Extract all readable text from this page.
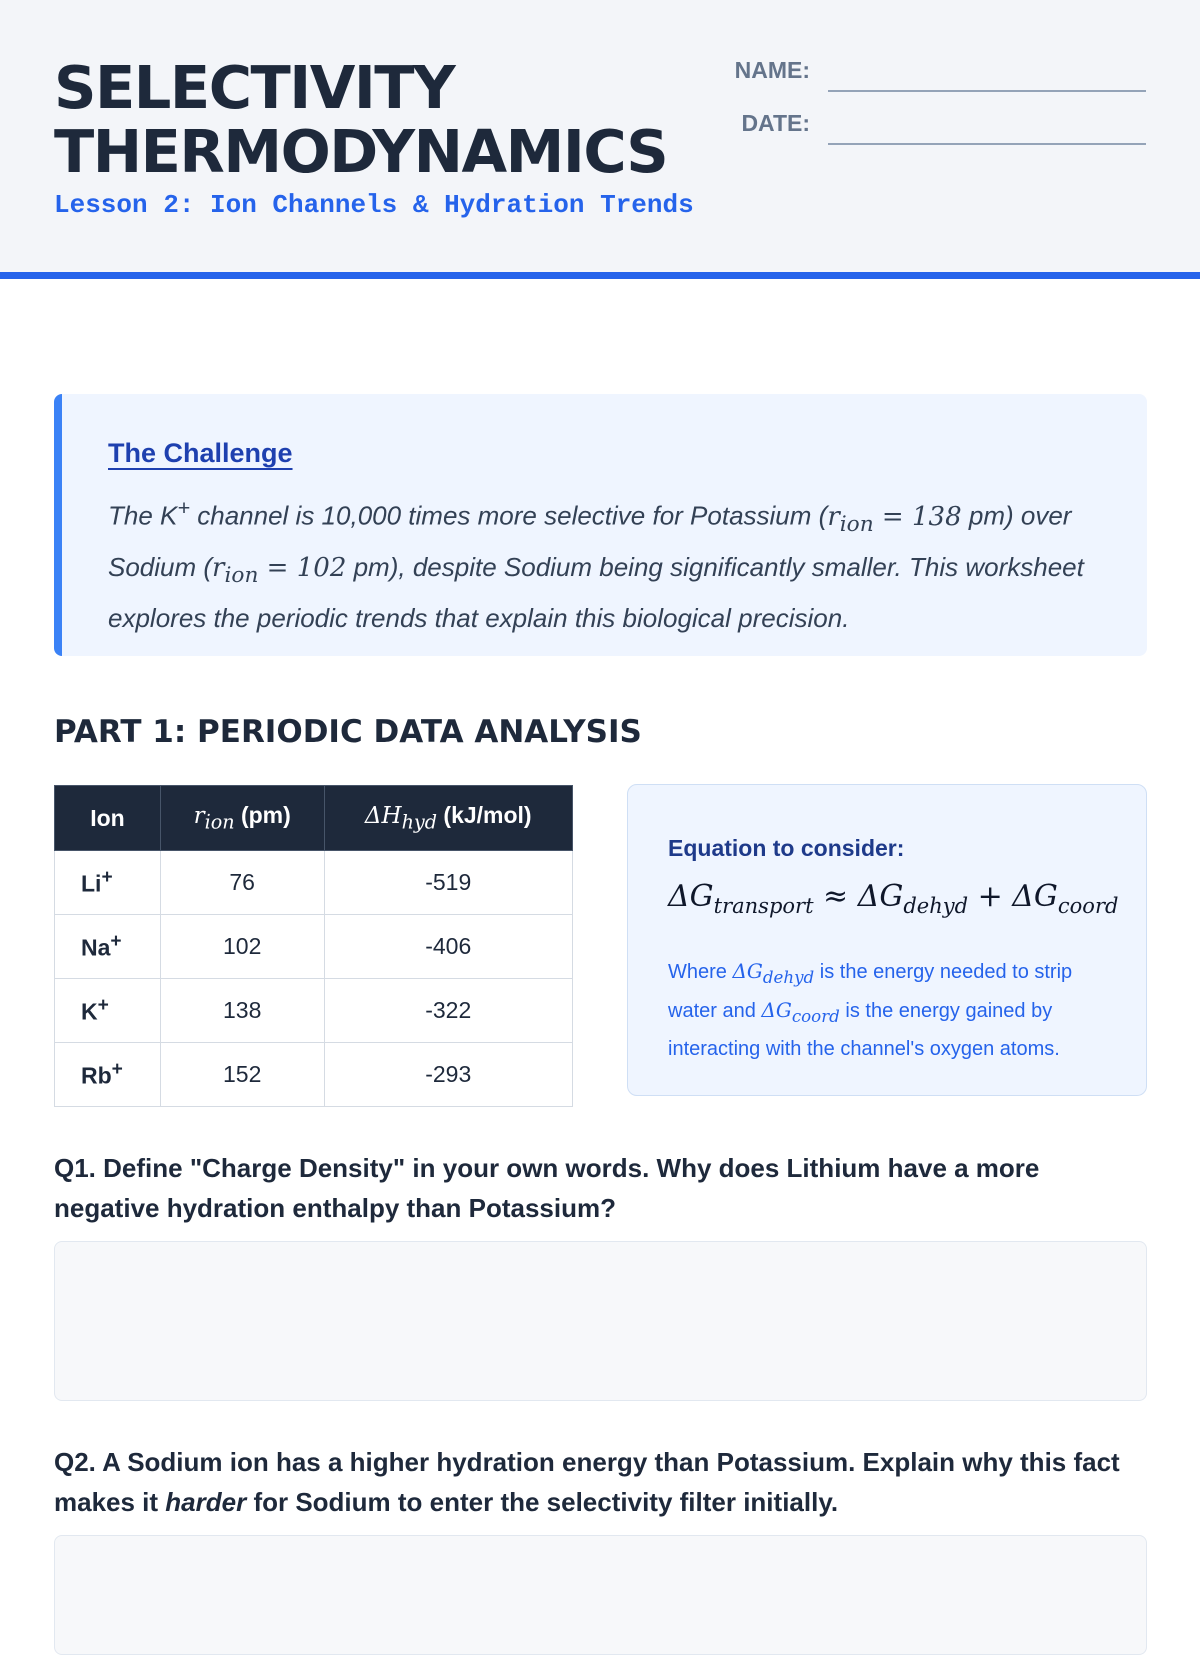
SELECTIVITY
THERMODYNAMICS
Lesson 2: Ion Channels & Hydration Trends
NAME:
DATE:
The Challenge
The K+ channel is 10,000 times more selective for Potassium ($r_{ion} = 138$ pm) over Sodium ($r_{ion} = 102$ pm), despite Sodium being significantly smaller. This worksheet explores the periodic trends that explain this biological precision.
PART 1: PERIODIC DATA ANALYSIS
Ion	$r_{ion}$ (pm)	$\Delta H_{hyd}$ (kJ/mol)
Li+	76	-519
Na+	102	-406
K+	138	-322
Rb+	152	-293
Equation to consider:
$\Delta G_{transport} \approx \Delta G_{dehyd} + \Delta G_{coord}$
Where $\Delta G_{dehyd}$ is the energy needed to strip water and $\Delta G_{coord}$ is the energy gained by interacting with the channel's oxygen atoms.

Q1. Define "Charge Density" in your own words. Why does Lithium have a more negative hydration enthalpy than Potassium?

Q2. A Sodium ion has a higher hydration energy than Potassium. Explain why this fact makes it harder for Sodium to enter the selectivity filter initially.
